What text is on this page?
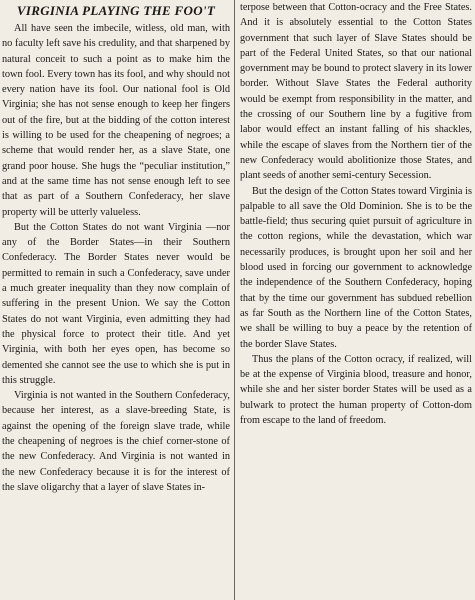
VIRGINIA PLAYING THE FOO'T

All have seen the imbecile, witless, old man, with no faculty left save his credulity, and that sharpened by natural conceit to such a point as to make him the town fool. Every town has its fool, and why should not every nation have its fool. Our national fool is Old Virginia; she has not sense enough to keep her fingers out of the fire, but at the bidding of the cotton interest is willing to be used for the cheapening of negroes; a scheme that would render her, as a slave State, one grand poor house. She hugs the “peculiar institution,” and at the same time has not sense enough left to see that as part of a Southern Confederacy, her slave property will be utterly valueless.

But the Cotton States do not want Virginia —nor any of the Border States—in their Southern Confederacy. The Border States never would be permitted to remain in such a Confederacy, save under a much greater inequality than they now complain of suffering in the present Union. We say the Cotton States do not want Virginia, even admitting they had the physical force to protect their title. And yet Virginia, with both her eyes open, has become so demented she cannot see the use to which she is put in this struggle.

Virginia is not wanted in the Southern Confederacy, because her interest, as a slave-breeding State, is against the opening of the foreign slave trade, while the cheapening of negroes is the chief corner-stone of the new Confederacy. And Virginia is not wanted in the new Confederacy because it is for the interest of the slave oligarchy that a layer of slave States in-

terpose between that Cotton-ocracy and the Free States. And it is absolutely essential to the Cotton States government that such layer of Slave States should be part of the Federal United States, so that our national government may be bound to protect slavery in its lower border. Without Slave States the Federal authority would be exempt from responsibility in the matter, and the crossing of our Southern line by a fugitive from labor would effect an instant falling of his shackles, while the escape of slaves from the Northern tier of the new Confederacy would abolitionize those States, and plant seeds of another semi-century Secession.

But the design of the Cotton States toward Virginia is palpable to all save the Old Dominion. She is to be the battle-field; thus securing quiet pursuit of agriculture in the cotton regions, while the devastation, which war necessarily produces, is brought upon her soil and her blood used in forcing our government to acknowledge the independence of the Southern Confederacy, hoping that by the time our government has subdued rebellion as far South as the Northern line of the Cotton States, we shall be willing to buy a peace by the retention of the border Slave States.

Thus the plans of the Cotton ocracy, if realized, will be at the expense of Virginia blood, treasure and honor, while she and her sister border States will be used as a bulwark to protect the human property of Cotton-dom from escape to the land of freedom.
